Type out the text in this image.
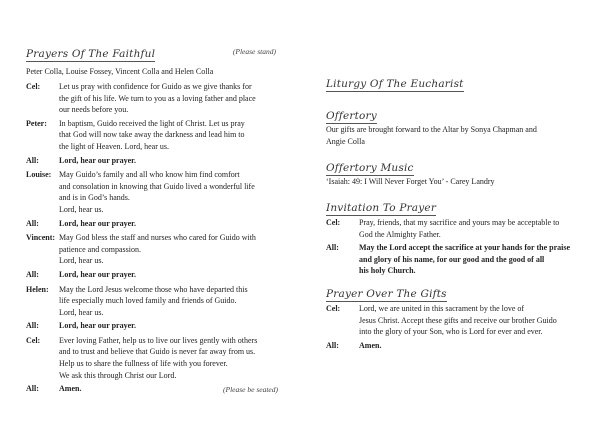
Prayers Of The Faithful	(Please stand)
Peter Colla, Louise Fossey, Vincent Colla and Helen Colla
Cel:	Let us pray with confidence for Guido as we give thanks for
the gift of his life. We turn to you as a loving father and place
our needs before you.
Peter:	In baptism, Guido received the light of Christ. Let us pray
that God will now take away the darkness and lead him to
the light of Heaven. Lord, hear us.
All:	Lord, hear our prayer.
Louise: May Guido’s family and all who know him find comfort
and consolation in knowing that Guido lived a wonderful life
and is in God’s hands.
Lord, hear us.
All:	Lord, hear our prayer.
Vincent: May God bless the staff and nurses who cared for Guido with
patience and compassion.
Lord, hear us.
All:	Lord, hear our prayer.
Helen:	May the Lord Jesus welcome those who have departed this
life especially much loved family and friends of Guido.
Lord, hear us.
All:	Lord, hear our prayer.
Cel:	Ever loving Father, help us to live our lives gently with others
and to trust and believe that Guido is never far away from us.
Help us to share the fullness of life with you forever.
We ask this through Christ our Lord.
All:	Amen.	(Please be seated)
Liturgy Of The Eucharist
Offertory
Our gifts are brought forward to the Altar by Sonya Chapman and
Angie Colla
Offertory Music
‘Isaiah: 49: I Will Never Forget You’ - Carey Landry
Invitation To Prayer
Cel:	Pray, friends, that my sacrifice and yours may be acceptable to
God the Almighty Father.
All:	May the Lord accept the sacrifice at your hands for the praise
and glory of his name, for our good and the good of all
his holy Church.
Prayer Over The Gifts
Cel:	Lord, we are united in this sacrament by the love of
Jesus Christ. Accept these gifts and receive our brother Guido
into the glory of your Son, who is Lord for ever and ever.
All:	Amen.
